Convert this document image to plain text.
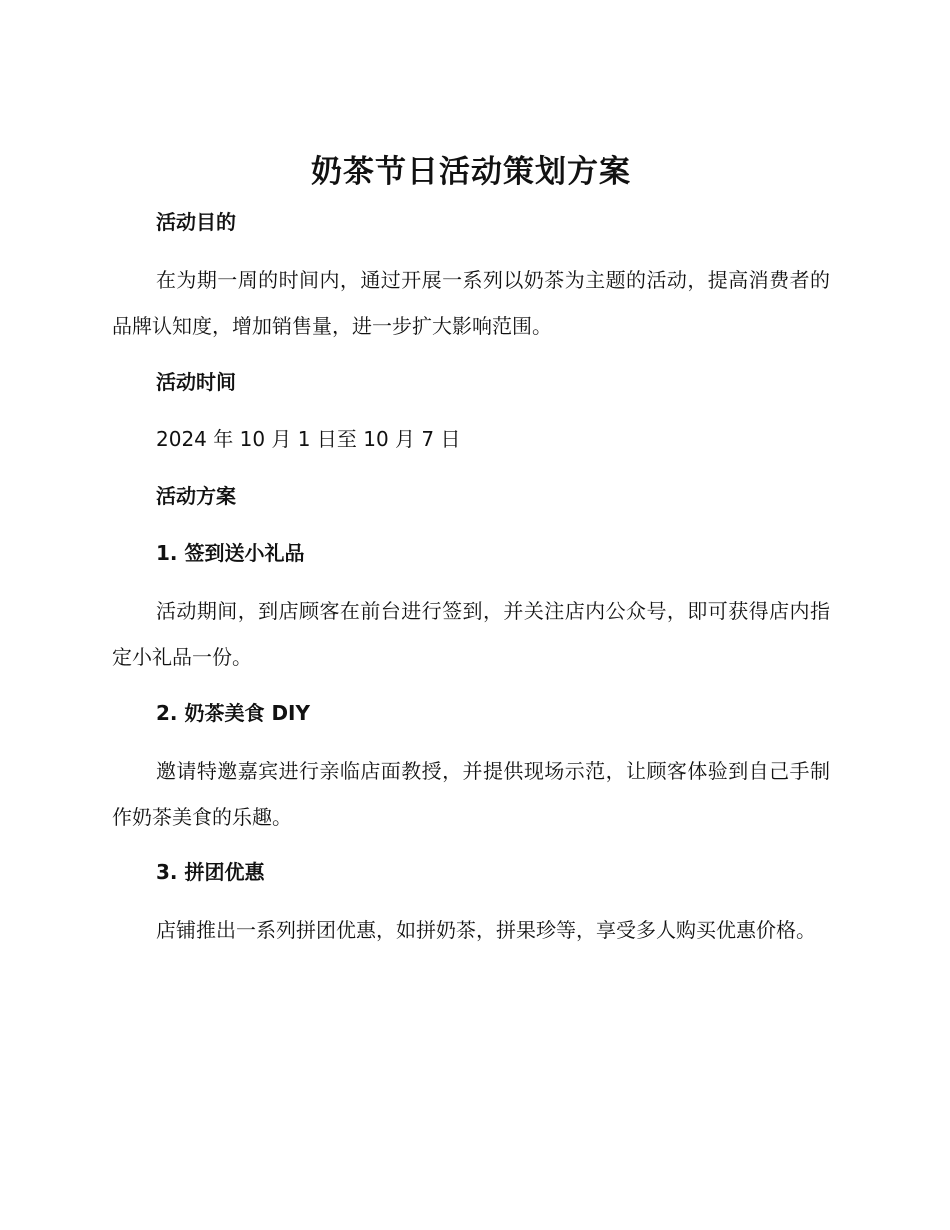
奶茶节日活动策划方案
活动目的

在为期一周的时间内，通过开展一系列以奶茶为主题的活动，提高消费者的品牌认知度，增加销售量，进一步扩大影响范围。

活动时间

2024 年 10 月 1 日至 10 月 7 日

活动方案
1. 签到送小礼品

活动期间，到店顾客在前台进行签到，并关注店内公众号，即可获得店内指定小礼品一份。

2. 奶茶美食 DIY

邀请特邀嘉宾进行亲临店面教授，并提供现场示范，让顾客体验到自己手制作奶茶美食的乐趣。

3. 拼团优惠

店铺推出一系列拼团优惠，如拼奶茶，拼果珍等，享受多人购买优惠价格。
